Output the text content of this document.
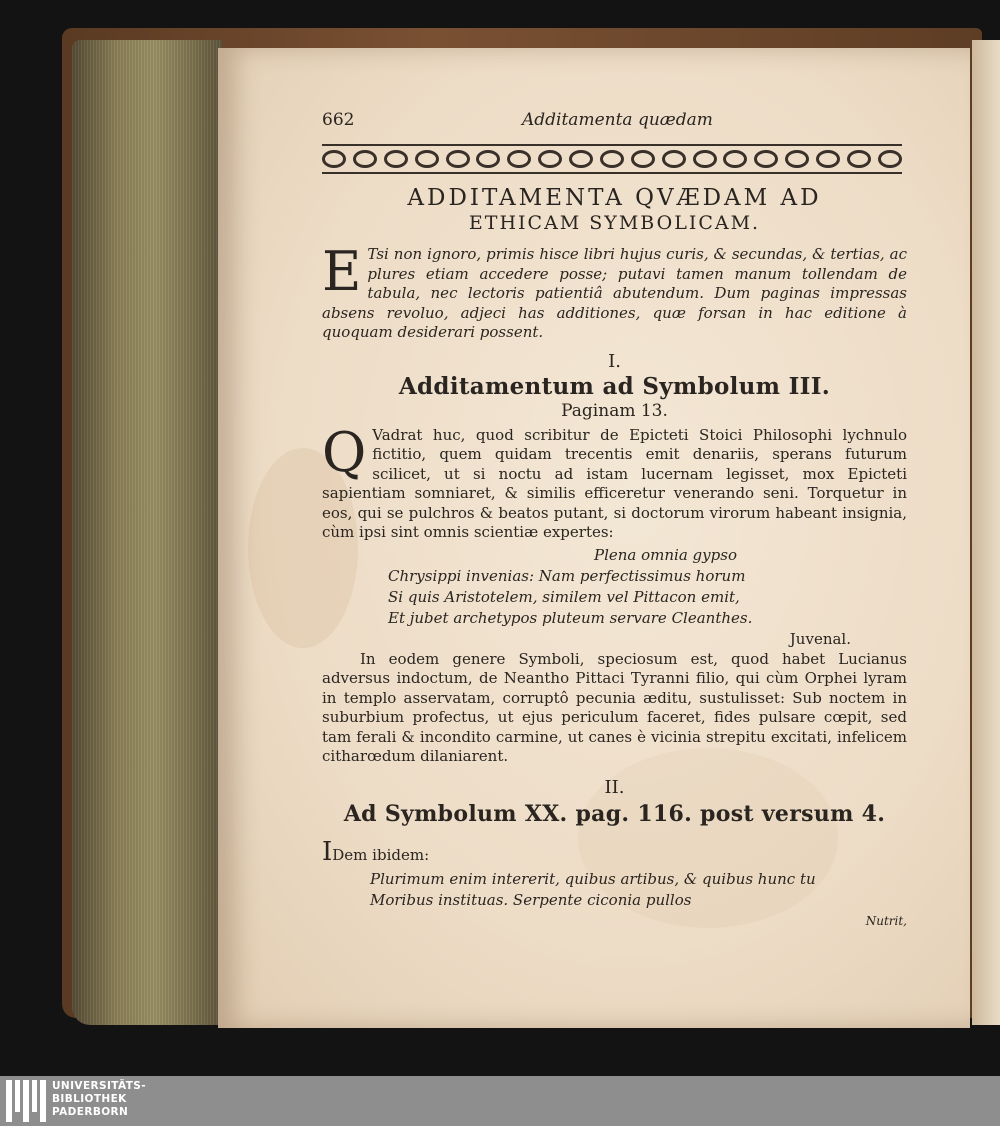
662	Additamenta quædam
ADDITAMENTA QVÆDAM AD
ETHICAM SYMBOLICAM.
E Tsi non ignoro, primis hisce libri hujus curis, & secundas, & tertias, ac plures etiam accedere posse; putavi tamen manum tollendam de tabula, nec lectoris patientiâ abutendum. Dum paginas impressas absens revoluo, adjeci has additiones, quæ forsan in hac editione à quoquam desiderari possent.
I.
Additamentum ad Symbolum III.
Paginam 13.
Q Vadrat huc, quod scribitur de Epicteti Stoici Philosophi lychnulo fictitio, quem quidam trecentis emit denariis, sperans futurum scilicet, ut si noctu ad istam lucernam legisset, mox Epicteti sapientiam somniaret, & similis efficeretur venerando seni. Torquetur in eos, qui se pulchros & beatos putant, si doctorum virorum habeant insignia, cùm ipsi sint omnis scientiæ expertes:
Plena omnia gypso
Chrysippi invenias: Nam perfectissimus horum
Si quis Aristotelem, similem vel Pittacon emit,
Et jubet archetypos pluteum servare Cleanthes.
Juvenal.
In eodem genere Symboli, speciosum est, quod habet Lucianus adversus indoctum, de Neantho Pittaci Tyranni filio, qui cùm Orphei lyram in templo asservatam, corruptô pecunia æditu, sustulisset: Sub noctem in suburbium profectus, ut ejus periculum faceret, fides pulsare cœpit, sed tam ferali & incondito carmine, ut canes è vicinia strepitu excitati, infelicem citharœdum dilaniarent.
II.
Ad Symbolum XX. pag. 116. post versum 4.
IDem ibidem:
Plurimum enim intererit, quibus artibus, & quibus hunc tu
Moribus instituas. Serpente ciconia pullos
Nutrit,
UNIVERSITÄTS-
BIBLIOTHEK
PADERBORN
